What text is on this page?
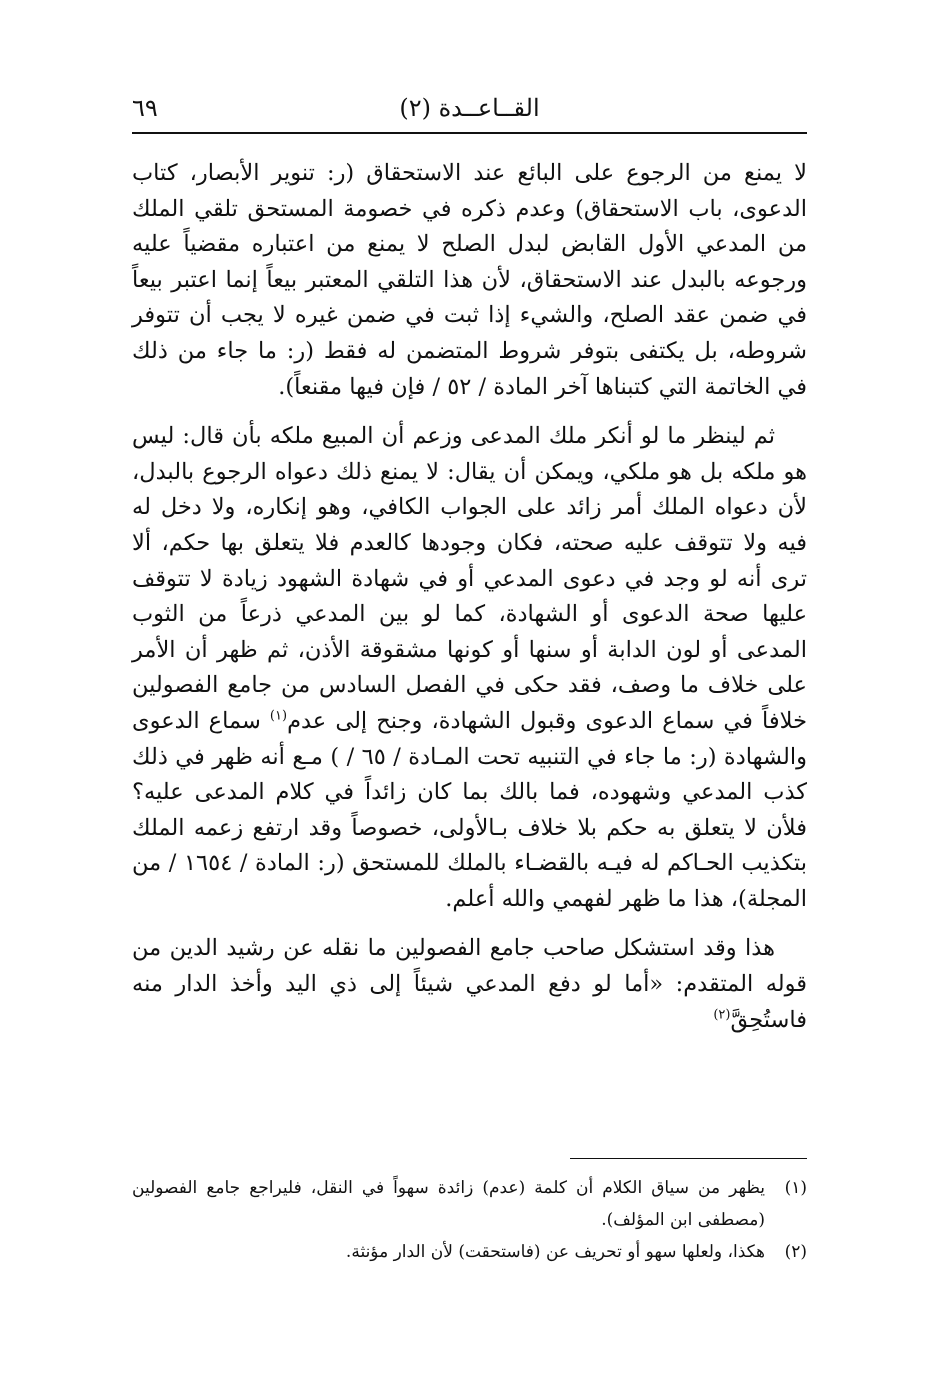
القــاعــدة (٢)
٦٩

لا يمنع من الرجوع على البائع عند الاستحقاق (ر: تنوير الأبصار، كتاب الدعوى، باب الاستحقاق) وعدم ذكره في خصومة المستحق تلقي الملك من المدعي الأول القابض لبدل الصلح لا يمنع من اعتباره مقضياً عليه ورجوعه بالبدل عند الاستحقاق، لأن هذا التلقي المعتبر بيعاً إنما اعتبر بيعاً في ضمن عقد الصلح، والشيء إذا ثبت في ضمن غيره لا يجب أن تتوفر شروطه، بل يكتفى بتوفر شروط المتضمن له فقط (ر: ما جاء من ذلك في الخاتمة التي كتبناها آخر المادة / ٥٢ / فإن فيها مقنعاً).

ثم لينظر ما لو أنكر ملك المدعى وزعم أن المبيع ملكه بأن قال: ليس هو ملكه بل هو ملكي، ويمكن أن يقال: لا يمنع ذلك دعواه الرجوع بالبدل، لأن دعواه الملك أمر زائد على الجواب الكافي، وهو إنكاره، ولا دخل له فيه ولا تتوقف عليه صحته، فكان وجودها كالعدم فلا يتعلق بها حكم، ألا ترى أنه لو وجد في دعوى المدعي أو في شهادة الشهود زيادة لا تتوقف عليها صحة الدعوى أو الشهادة، كما لو بين المدعي ذرعاً من الثوب المدعى أو لون الدابة أو سنها أو كونها مشقوقة الأذن، ثم ظهر أن الأمر على خلاف ما وصف، فقد حكى في الفصل السادس من جامع الفصولين خلافاً في سماع الدعوى وقبول الشهادة، وجنح إلى عدم$^{(١)}$ سماع الدعوى والشهادة (ر: ما جاء في التنبيه تحت المـادة / ٦٥ / ) مـع أنه ظهر في ذلك كذب المدعي وشهوده، فما بالك بما كان زائداً في كلام المدعى عليه؟ فلأن لا يتعلق به حكم بلا خلاف بـالأولى، خصوصاً وقد ارتفع زعمه الملك بتكذيب الحـاكم له فيـه بالقضـاء بالملك للمستحق (ر: المادة / ١٦٥٤ / من المجلة)، هذا ما ظهر لفهمي والله أعلم.

هذا وقد استشكل صاحب جامع الفصولين ما نقله عن رشيد الدين من قوله المتقدم: «أما لو دفع المدعي شيئاً إلى ذي اليد وأخذ الدار منه فاستُحِقَّ$^{(٢)}$

(١)
يظهر من سياق الكلام أن كلمة (عدم) زائدة سهواً في النقل، فليراجع جامع الفصولين (مصطفى ابن المؤلف).
(٢)
هكذا، ولعلها سهو أو تحريف عن (فاستحقت) لأن الدار مؤنثة.
